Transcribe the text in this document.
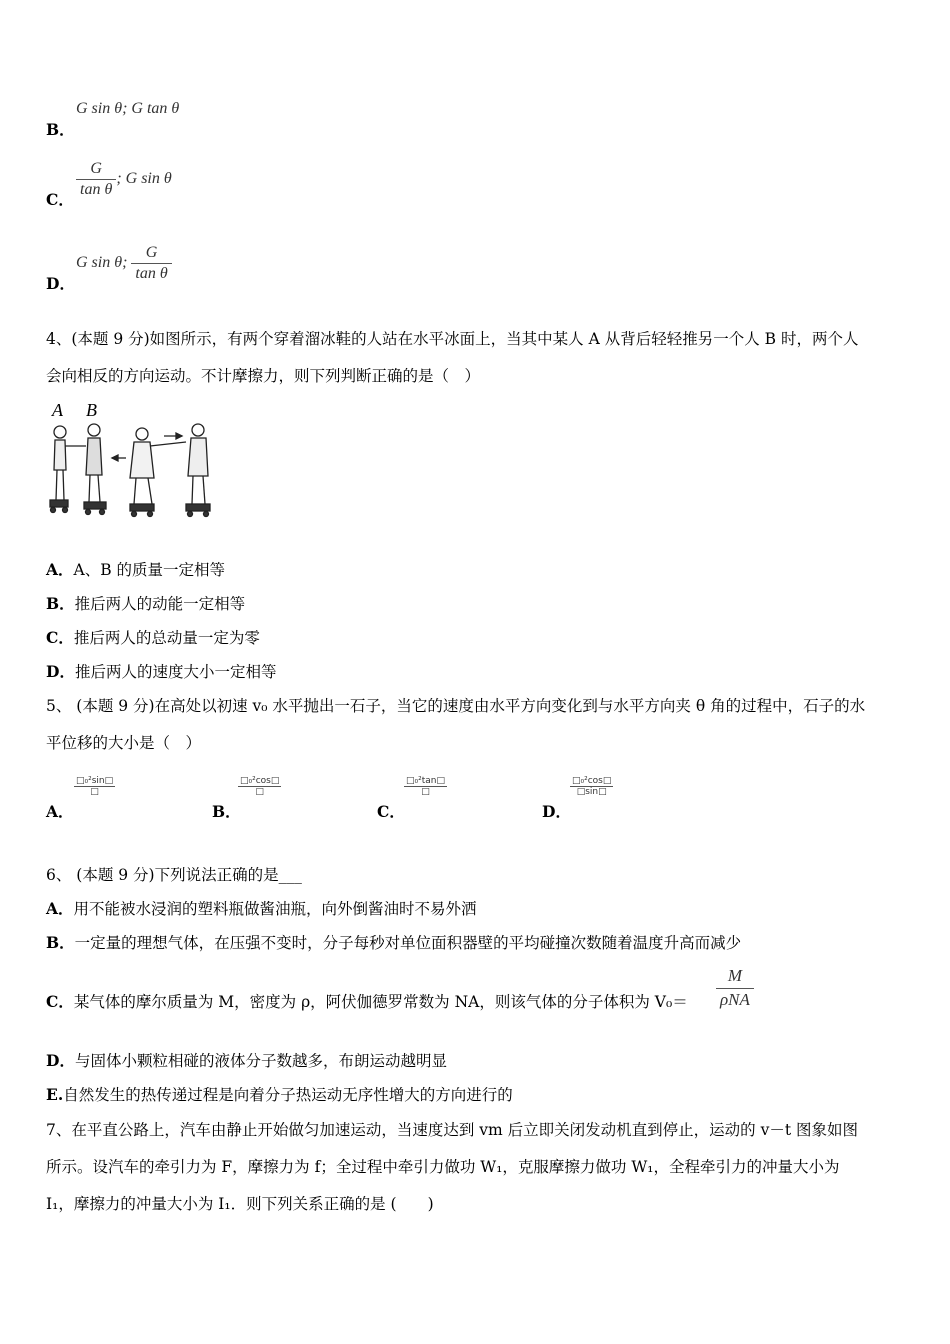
B．
G sin θ; G tan θ
C．
$\frac{G}{\text{tan θ}}$ ; G sin θ
D．
G sin θ; $\frac{G}{\text{tan θ}}$
4、(本题 9 分)如图所示，有两个穿着溜冰鞋的人站在水平冰面上，当其中某人 A 从背后轻轻推另一个人 B 时，两个人
会向相反的方向运动。不计摩擦力，则下列判断正确的是（　）
A B
A．A、B 的质量一定相等
B．推后两人的动能一定相等
C．推后两人的总动量一定为零
D．推后两人的速度大小一定相等
5、 (本题 9 分)在高处以初速 v₀ 水平抛出一石子，当它的速度由水平方向变化到与水平方向夹 θ 角的过程中，石子的水
平位移的大小是（　）
A．
□₀²sin□
□
B．
□₀²cos□
□
C．
□₀²tan□
□
D．
$\frac{\text{□₀²cos□}}{□\sin□}$
6、 (本题 9 分)下列说法正确的是___
A．用不能被水浸润的塑料瓶做酱油瓶，向外倒酱油时不易外洒
B．一定量的理想气体，在压强不变时，分子每秒对单位面积器壁的平均碰撞次数随着温度升高而减少
C．某气体的摩尔质量为 M，密度为 ρ，阿伏伽德罗常数为 NA，则该气体的分子体积为 $V_0= \frac{M}{\text{ρNA}}$
D．与固体小颗粒相碰的液体分子数越多，布朗运动越明显
E.自然发生的热传递过程是向着分子热运动无序性增大的方向进行的
7、在平直公路上，汽车由静止开始做匀加速运动，当速度达到 vm 后立即关闭发动机直到停止，运动的 v－t 图象如图
所示。设汽车的牵引力为 F，摩擦力为 f；全过程中牵引力做功 W₁，克服摩擦力做功 W₁，全程牵引力的冲量大小为
I₁，摩擦力的冲量大小为 I₁．则下列关系正确的是 (　　)
